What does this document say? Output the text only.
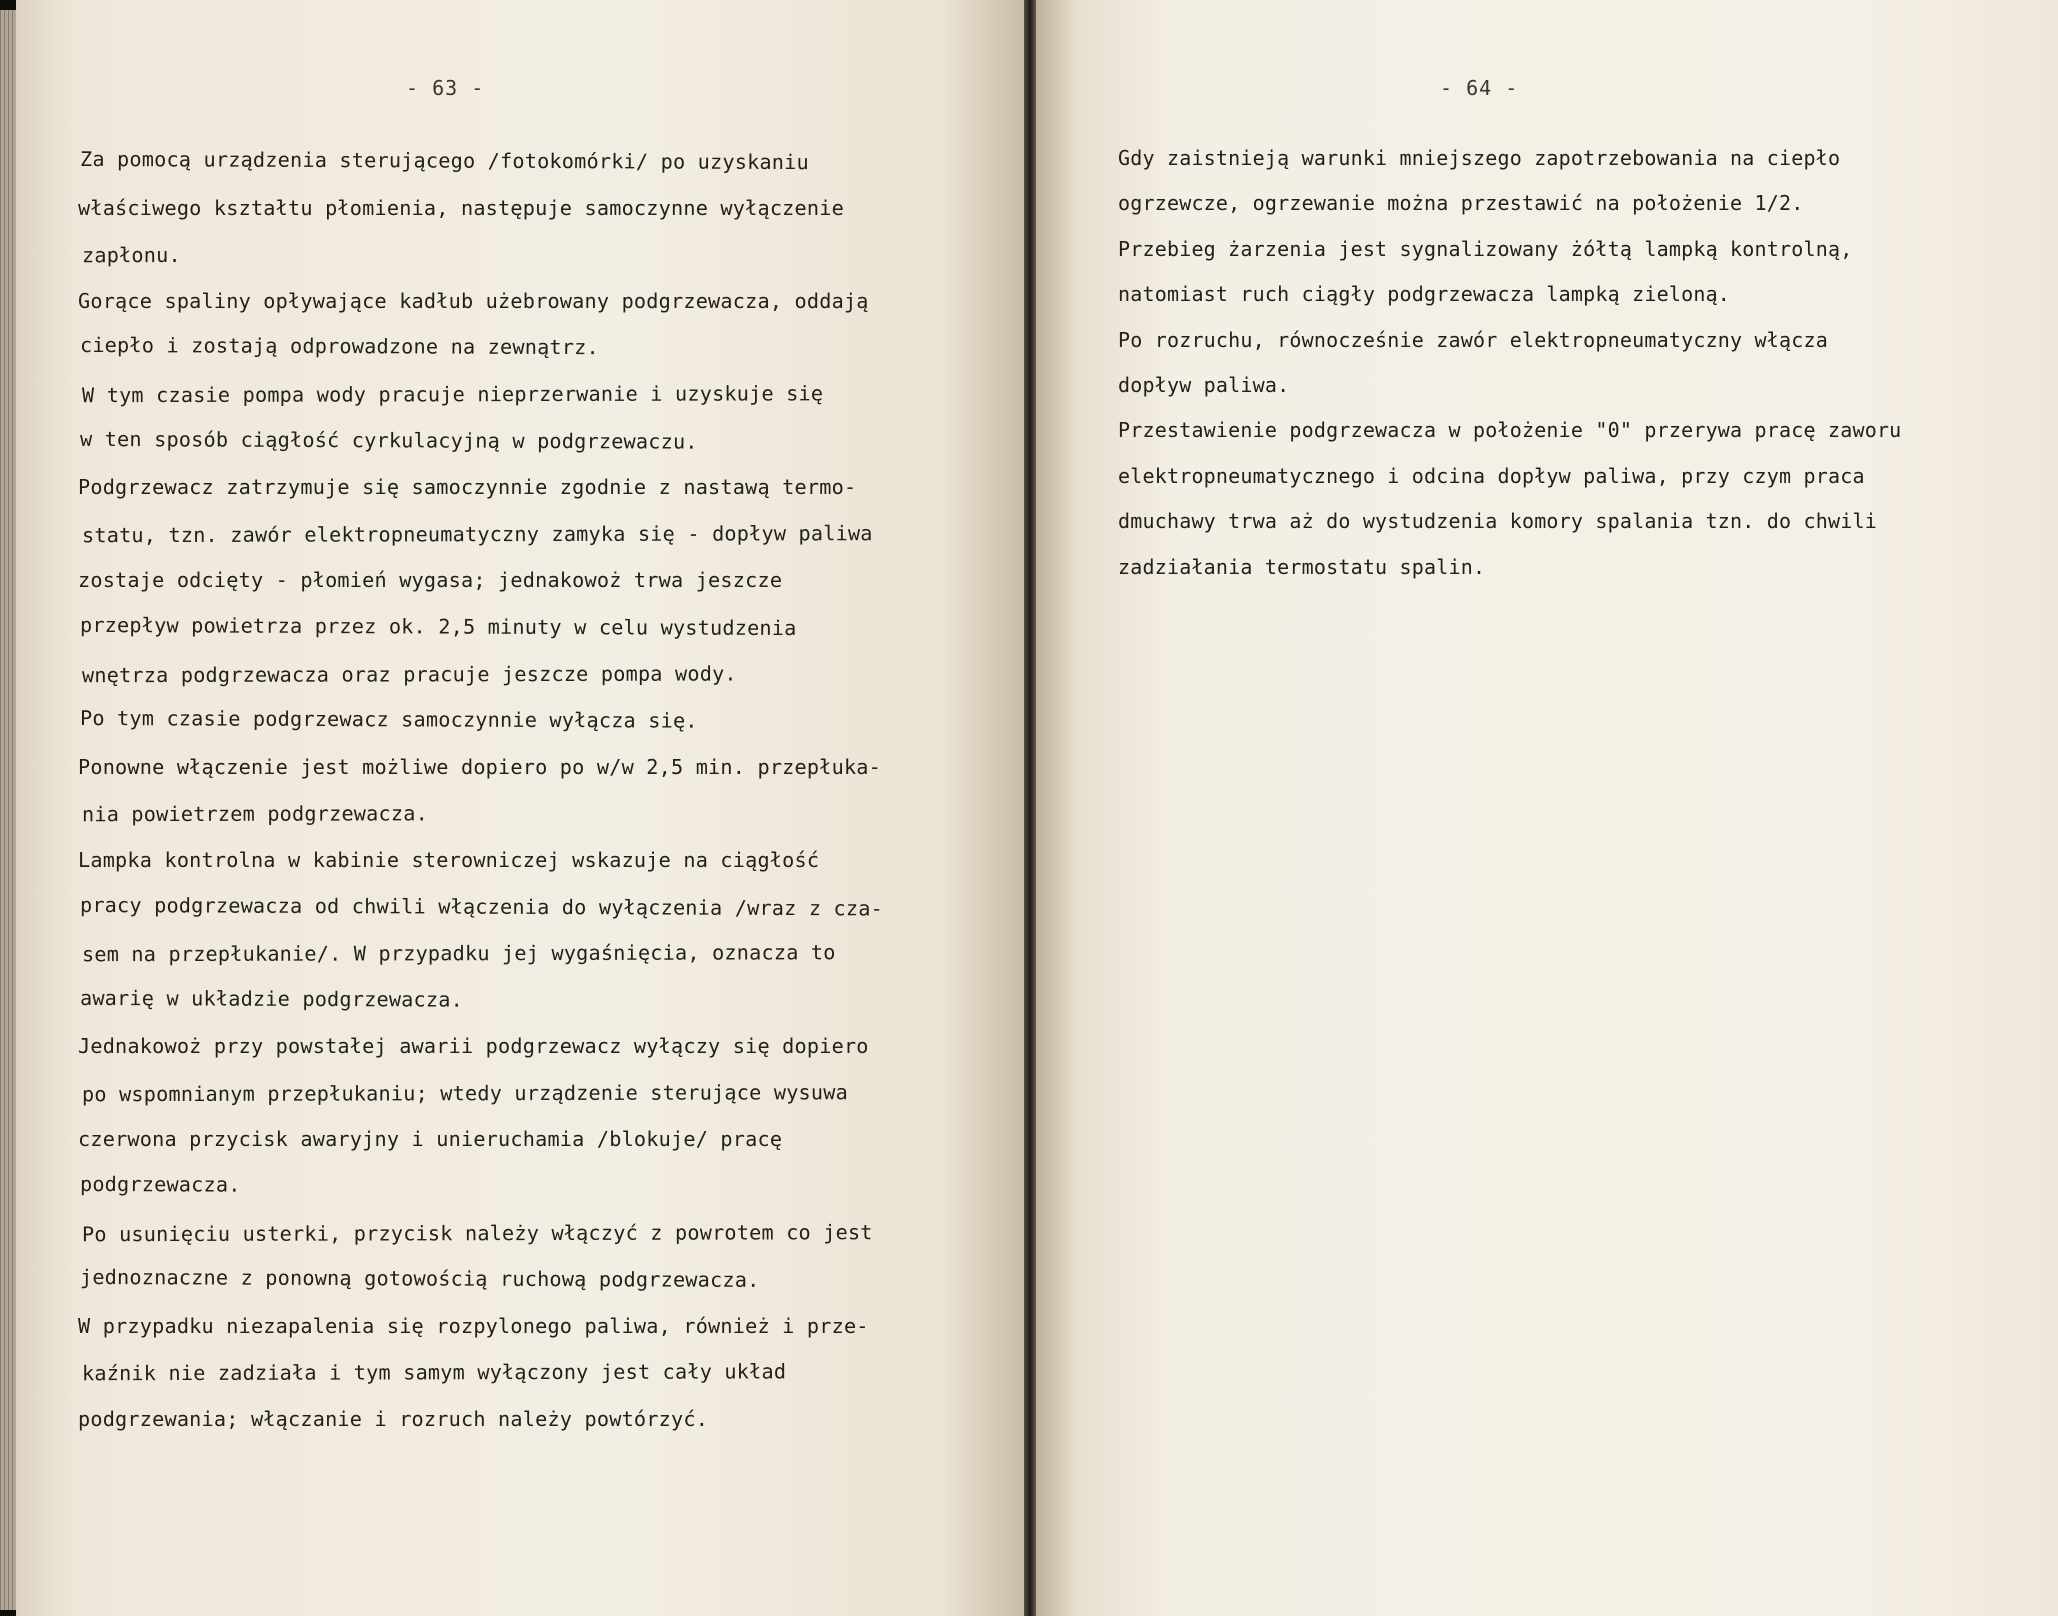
- 63 -
Za pomocą urządzenia sterującego /fotokomórki/ po uzyskaniu
właściwego kształtu płomienia, następuje samoczynne wyłączenie
zapłonu.
Gorące spaliny opływające kadłub użebrowany podgrzewacza, oddają
ciepło i zostają odprowadzone na zewnątrz.
W tym czasie pompa wody pracuje nieprzerwanie i uzyskuje się
w ten sposób ciągłość cyrkulacyjną w podgrzewaczu.
Podgrzewacz zatrzymuje się samoczynnie zgodnie z nastawą termo-
statu, tzn. zawór elektropneumatyczny zamyka się - dopływ paliwa
zostaje odcięty - płomień wygasa; jednakowoż trwa jeszcze
przepływ powietrza przez ok. 2,5 minuty w celu wystudzenia
wnętrza podgrzewacza oraz pracuje jeszcze pompa wody.
Po tym czasie podgrzewacz samoczynnie wyłącza się.
Ponowne włączenie jest możliwe dopiero po w/w 2,5 min. przepłuka-
nia powietrzem podgrzewacza.
Lampka kontrolna w kabinie sterowniczej wskazuje na ciągłość
pracy podgrzewacza od chwili włączenia do wyłączenia /wraz z cza-
sem na przepłukanie/. W przypadku jej wygaśnięcia, oznacza to
awarię w układzie podgrzewacza.
Jednakowoż przy powstałej awarii podgrzewacz wyłączy się dopiero
po wspomnianym przepłukaniu; wtedy urządzenie sterujące wysuwa
czerwona przycisk awaryjny i unieruchamia /blokuje/ pracę
podgrzewacza.
Po usunięciu usterki, przycisk należy włączyć z powrotem co jest
jednoznaczne z ponowną gotowością ruchową podgrzewacza.
W przypadku niezapalenia się rozpylonego paliwa, również i prze-
kaźnik nie zadziała i tym samym wyłączony jest cały układ
podgrzewania; włączanie i rozruch należy powtórzyć.
- 64 -
Gdy zaistnieją warunki mniejszego zapotrzebowania na ciepło
ogrzewcze, ogrzewanie można przestawić na położenie 1/2.
Przebieg żarzenia jest sygnalizowany żółtą lampką kontrolną,
natomiast ruch ciągły podgrzewacza lampką zieloną.
Po rozruchu, równocześnie zawór elektropneumatyczny włącza
dopływ paliwa.
Przestawienie podgrzewacza w położenie "0" przerywa pracę zaworu
elektropneumatycznego i odcina dopływ paliwa, przy czym praca
dmuchawy trwa aż do wystudzenia komory spalania tzn. do chwili
zadziałania termostatu spalin.
